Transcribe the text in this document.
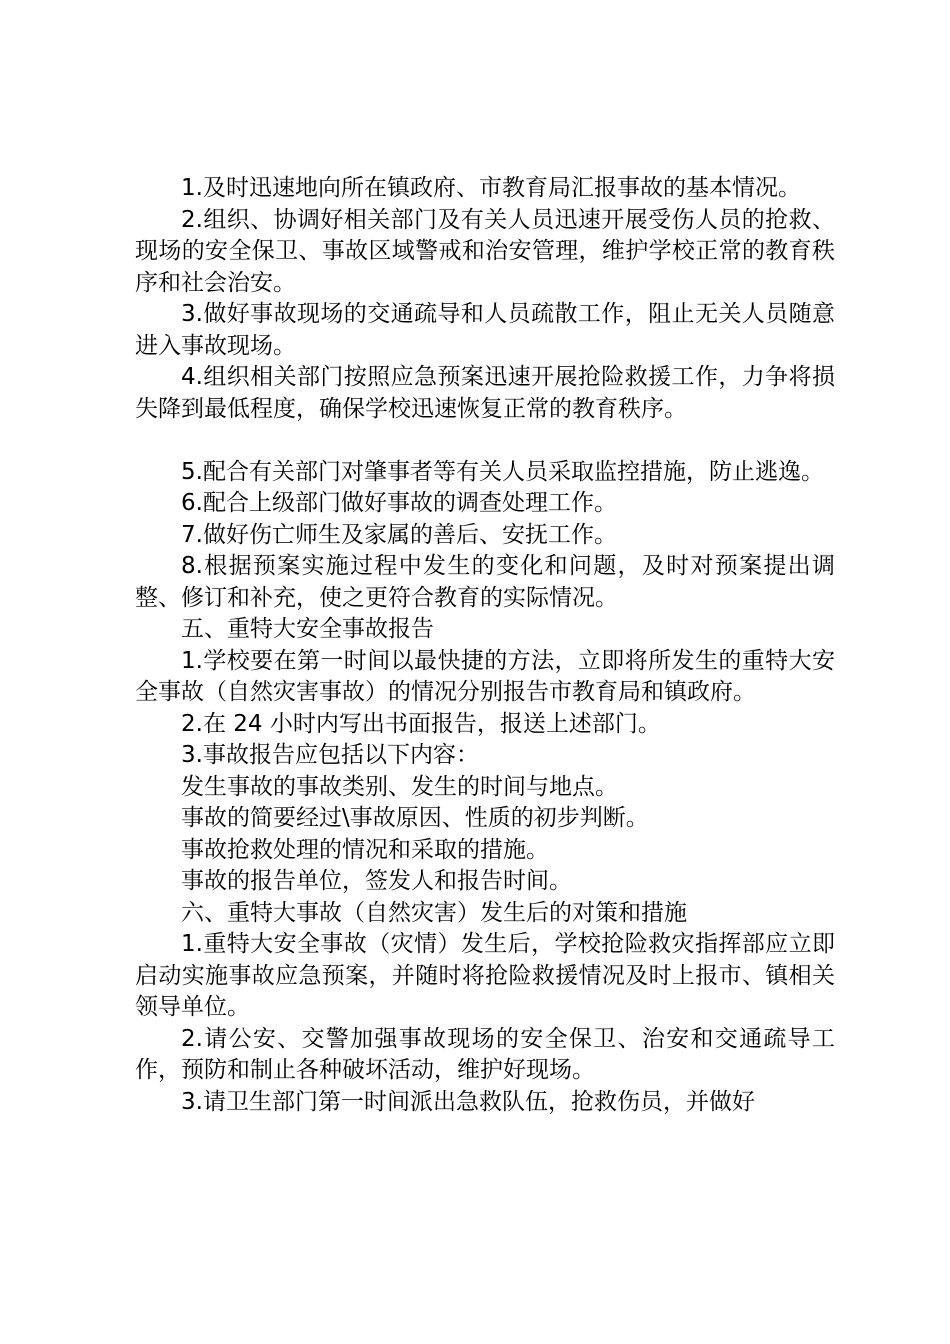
1.及时迅速地向所在镇政府、市教育局汇报事故的基本情况。

2.组织、协调好相关部门及有关人员迅速开展受伤人员的抢救、现场的安全保卫、事故区域警戒和治安管理，维护学校正常的教育秩序和社会治安。

3.做好事故现场的交通疏导和人员疏散工作，阻止无关人员随意进入事故现场。

4.组织相关部门按照应急预案迅速开展抢险救援工作，力争将损失降到最低程度，确保学校迅速恢复正常的教育秩序。

5.配合有关部门对肇事者等有关人员采取监控措施，防止逃逸。

6.配合上级部门做好事故的调查处理工作。

7.做好伤亡师生及家属的善后、安抚工作。

8.根据预案实施过程中发生的变化和问题，及时对预案提出调整、修订和补充，使之更符合教育的实际情况。

五、重特大安全事故报告

1.学校要在第一时间以最快捷的方法，立即将所发生的重特大安全事故（自然灾害事故）的情况分别报告市教育局和镇政府。

2.在 24 小时内写出书面报告，报送上述部门。

3.事故报告应包括以下内容：

发生事故的事故类别、发生的时间与地点。

事故的简要经过\事故原因、性质的初步判断。

事故抢救处理的情况和采取的措施。

事故的报告单位，签发人和报告时间。

六、重特大事故（自然灾害）发生后的对策和措施

1.重特大安全事故（灾情）发生后，学校抢险救灾指挥部应立即启动实施事故应急预案，并随时将抢险救援情况及时上报市、镇相关领导单位。

2.请公安、交警加强事故现场的安全保卫、治安和交通疏导工作，预防和制止各种破坏活动，维护好现场。

3.请卫生部门第一时间派出急救队伍，抢救伤员，并做好
